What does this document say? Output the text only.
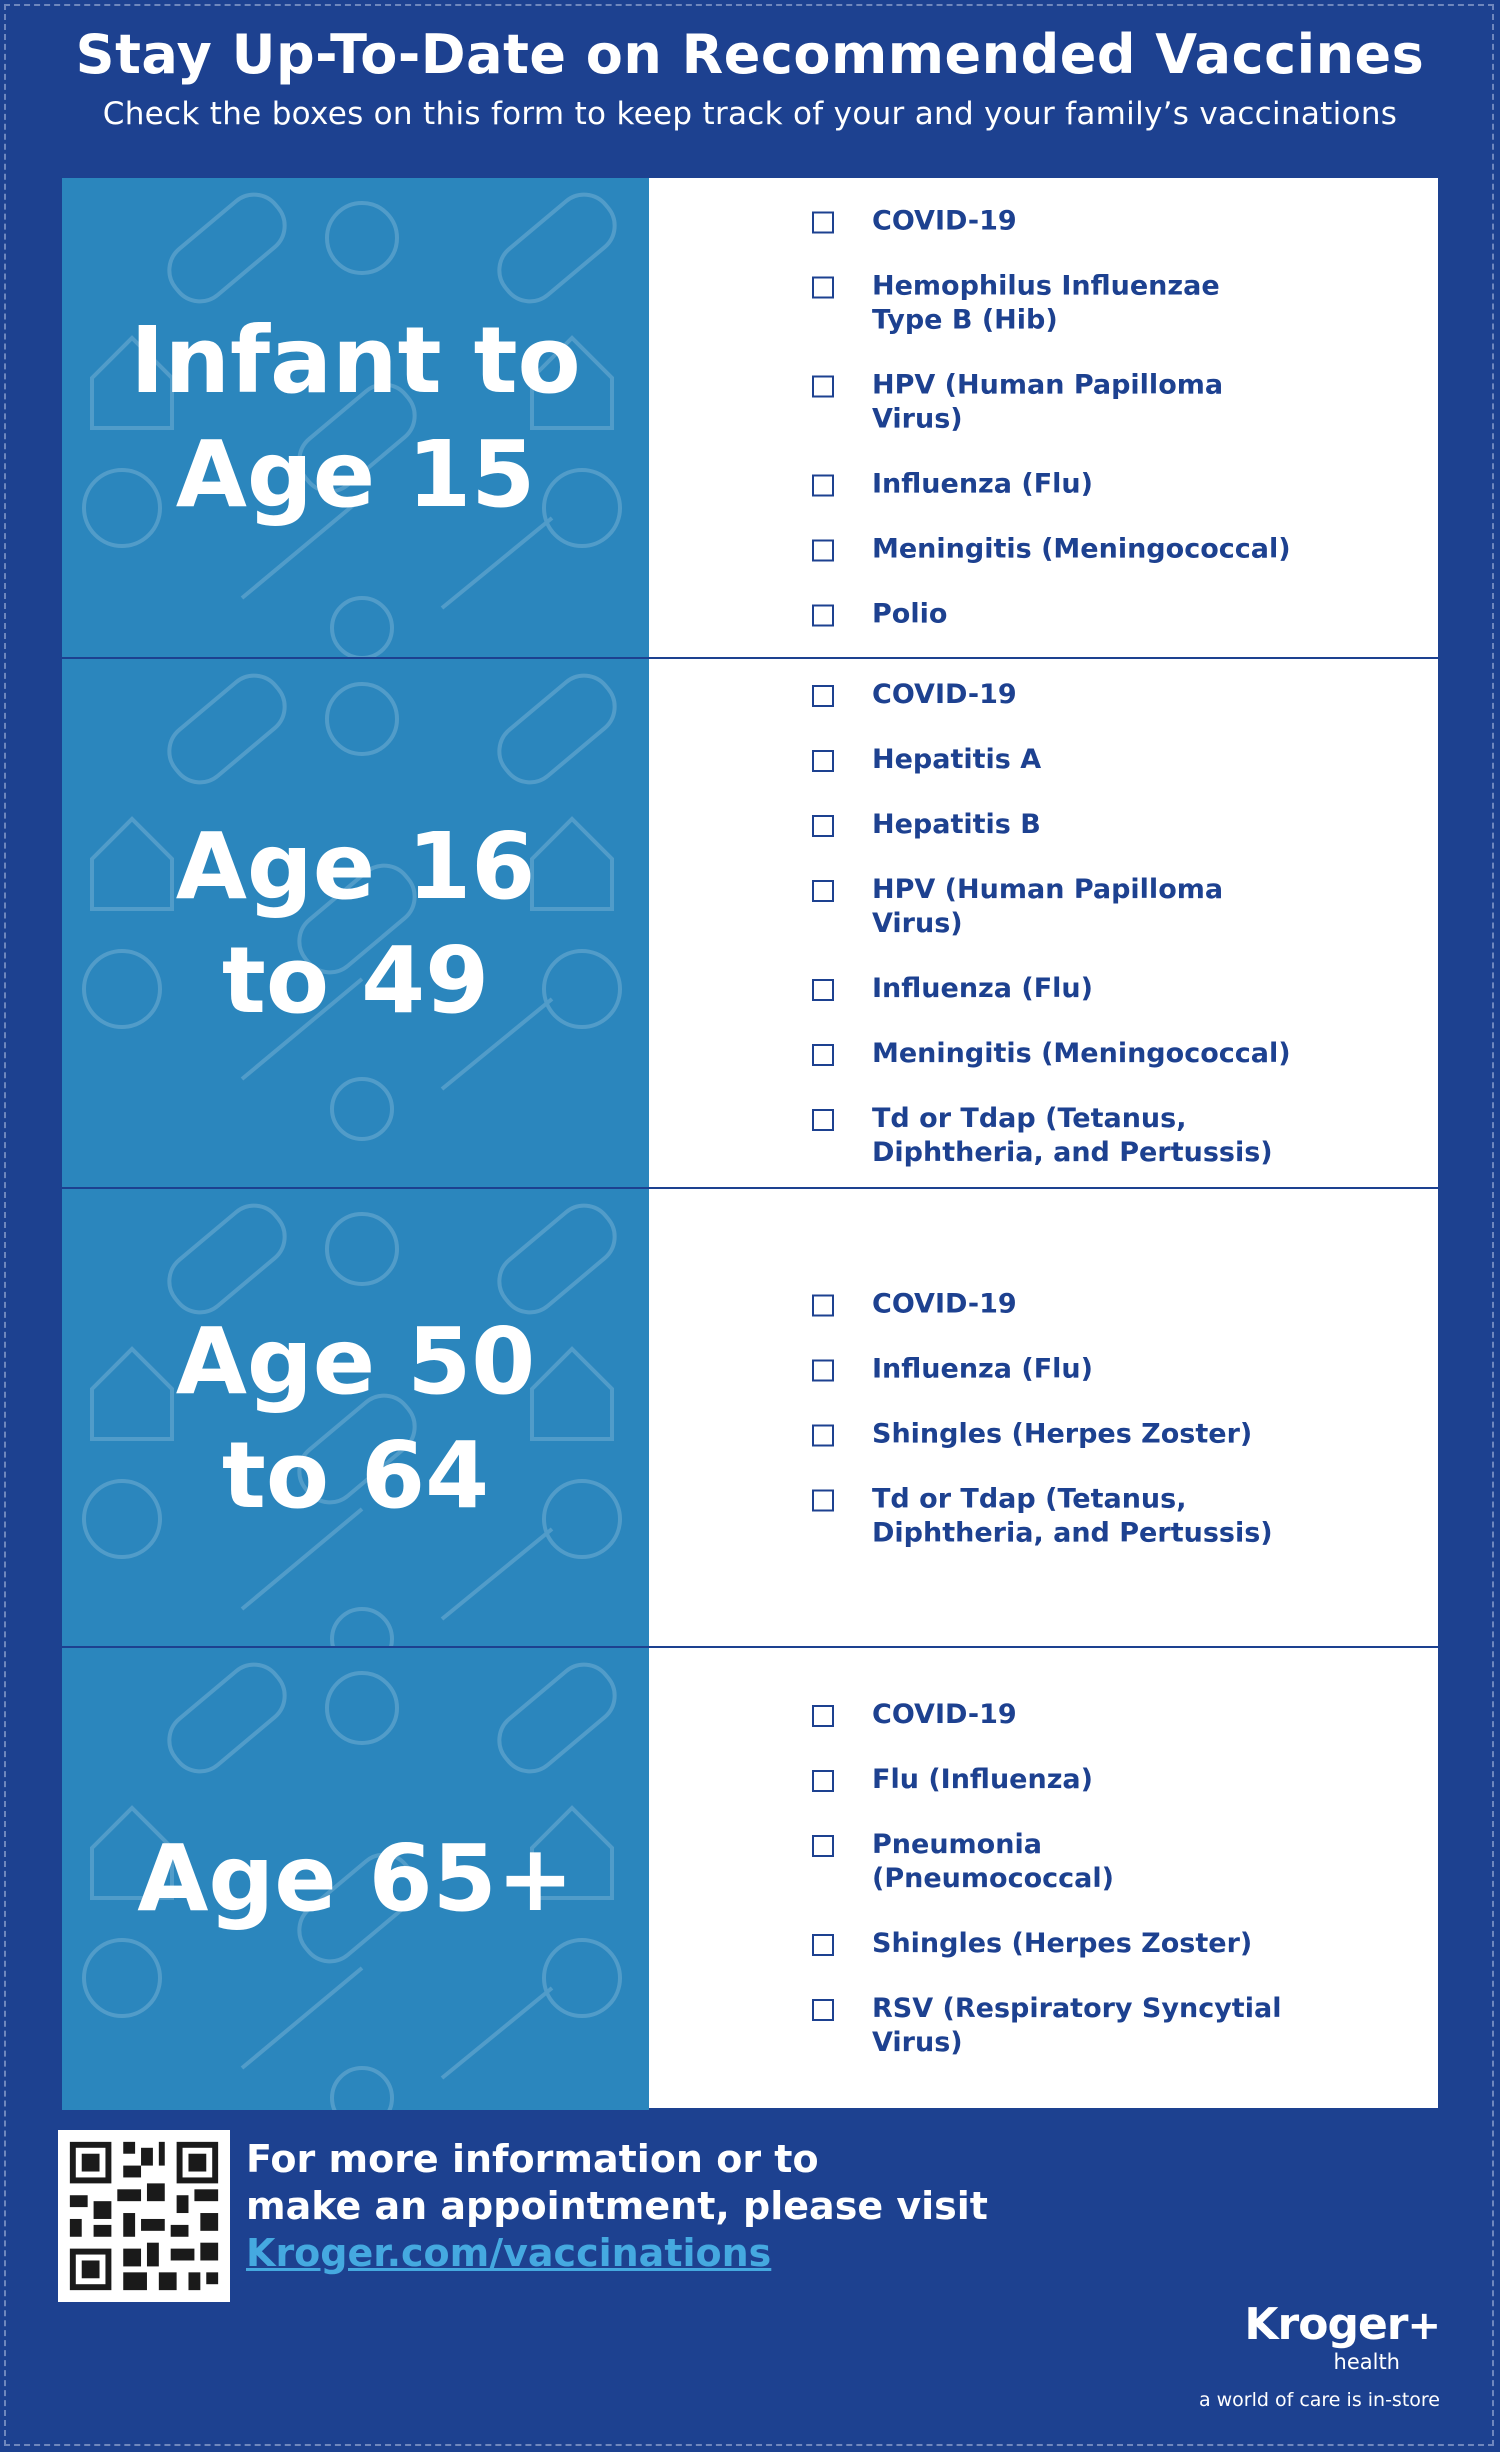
Stay Up-To-Date on Recommended Vaccines
Check the boxes on this form to keep track of your and your family’s vaccinations
Infant to
Age 15
COVID-19
Hemophilus Influenzae
Type B (Hib)
HPV (Human Papilloma Virus)
Influenza (Flu)
Meningitis (Meningococcal)
Polio
Age 16
to 49
COVID-19
Hepatitis A
Hepatitis B
HPV (Human Papilloma Virus)
Influenza (Flu)
Meningitis (Meningococcal)
Td or Tdap (Tetanus,
Diphtheria, and Pertussis)
Age 50
to 64
COVID-19
Influenza (Flu)
Shingles (Herpes Zoster)
Td or Tdap (Tetanus,
Diphtheria, and Pertussis)
Age 65+
COVID-19
Flu (Influenza)
Pneumonia (Pneumococcal)
Shingles (Herpes Zoster)
RSV (Respiratory Syncytial Virus)
For more information or to
make an appointment, please visit
Kroger.com/vaccinations
Kroger+
health
a world of care is in-store
